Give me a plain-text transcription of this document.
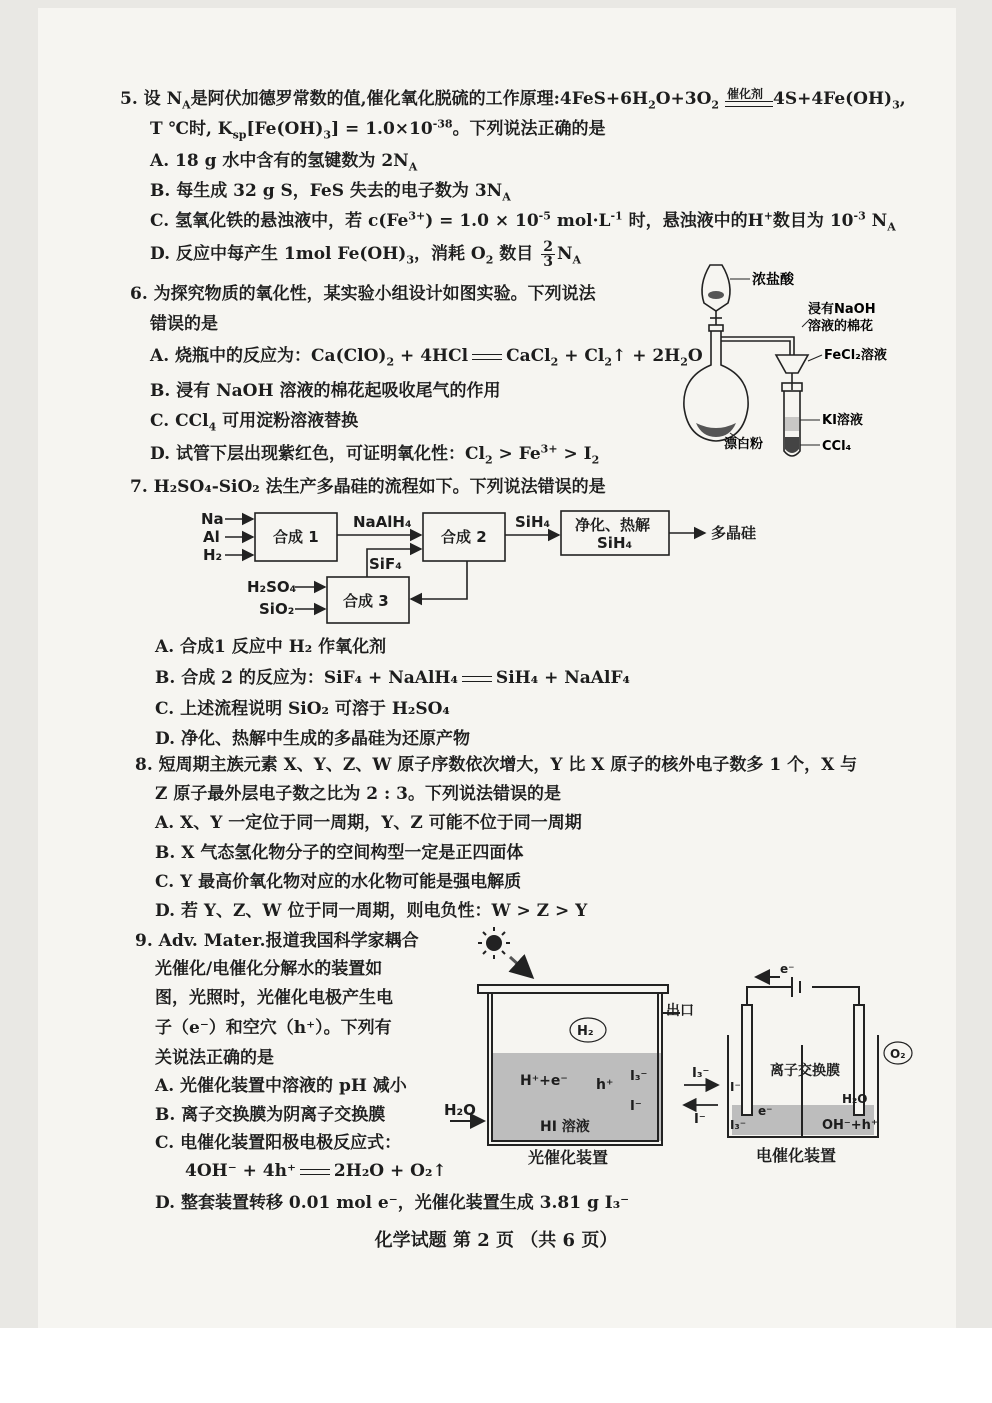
5. 设 $N_A$是阿伏加德罗常数的值,催化氧化脱硫的工作原理$:4FeS+6H_2O+3O_2$
催化剂 $4S+4Fe(OH)_3$,
T ℃时, $K_{sp}[Fe(OH)_3] = 1.0\times 10^{-38}$。下列说法正确的是
A. 18 g 水中含有的氢键数为 $2N_A$
B. 每生成 32 g S，FeS 失去的电子数为 $3N_A$
C. 氢氧化铁的悬浊液中，若 $c(Fe^{3+}) = 1.0 \times 10^{-5}$ $mol\cdot L^{-1}$ 时，悬浊液中的H+数目为 $10^{-3}$ $N_A$
D. 反应中每产生 1mol $Fe(OH)_3$，消耗 $O_2$ 数目 $\frac{2}{3} N_A$
6. 为探究物质的氧化性，某实验小组设计如图实验。下列说法
错误的是
A. 烧瓶中的反应为：$Ca(ClO)_2 + 4HCl$ CaCl$_2$ + $Cl_2↑ + 2H_2O$
B. 浸有 NaOH 溶液的棉花起吸收尾气的作用
C. CCl$_4$ 可用淀粉溶液替换
D. 试管下层出现紫红色，可证明氧化性：$Cl_2 > Fe^{3+} > I_2$
浓盐酸
浸有NaOH
溶液的棉花
FeCl₂溶液
KI溶液
CCl₄
漂白粉
7. H₂SO₄-SiO₂ 法生产多晶硅的流程如下。下列说法错误的是
Na
Al
H₂
合成 1
NaAlH₄
合成 2
SiH₄ 净化、热解
SiH₄
多晶硅
SiF₄
H₂SO₄
SiO₂	合成 3
A. 合成1 反应中 H₂ 作氧化剂
B. 合成 2 的反应为：SiF₄ + NaAlH₄ SiH₄ + NaAlF₄
C. 上述流程说明 SiO₂ 可溶于 H₂SO₄
D. 净化、热解中生成的多晶硅为还原产物
8. 短周期主族元素 X、Y、Z、W 原子序数依次增大，Y 比 X 原子的核外电子数多 1 个，X 与
Z 原子最外层电子数之比为 2 : 3。下列说法错误的是
A. X、Y 一定位于同一周期，Y、Z 可能不位于同一周期
B. X 气态氢化物分子的空间构型一定是正四面体
C. Y 最高价氧化物对应的水化物可能是强电解质
D. 若 Y、Z、W 位于同一周期，则电负性：W > Z > Y
9. Adv. Mater.报道我国科学家耦合
光催化/电催化分解水的装置如
图，光照时，光催化电极产生电
子（e⁻）和空穴（h⁺）。下列有
关说法正确的是
A. 光催化装置中溶液的 pH 减小
B. 离子交换膜为阴离子交换膜
C. 电催化装置阳极电极反应式：
4OH⁻ + 4h⁺ 2H₂O + O₂↑
D. 整套装置转移 0.01 mol e⁻，光催化装置生成 3.81 g I₃⁻
出口
H₂
H⁺+e⁻ h⁺
I₃⁻
I⁻
HI 溶液
H₂O
光催化装置
I₃⁻
I⁻
e⁻
离子交换膜
O₂
H₂O
OH⁻+h⁺
I⁻
e⁻
I₃⁻
电催化装置
化学试题 第 2 页 （共 6 页）
